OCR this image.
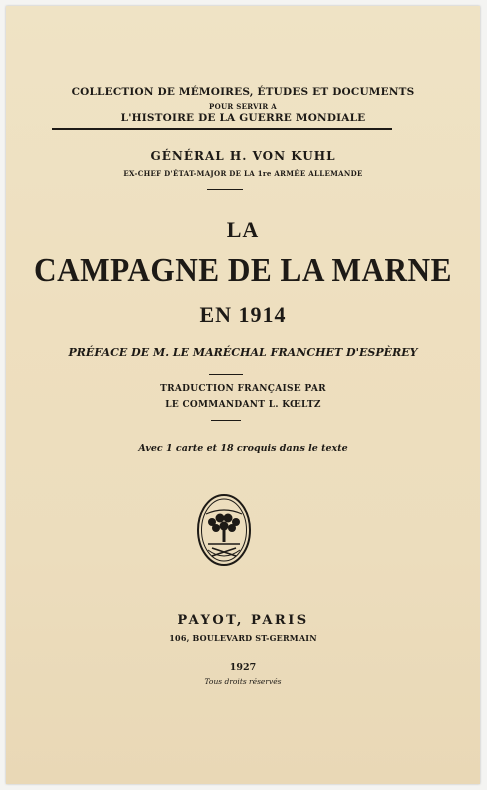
COLLECTION DE MÉMOIRES, ÉTUDES ET DOCUMENTS
POUR SERVIR A
L'HISTOIRE DE LA GUERRE MONDIALE
GÉNÉRAL H. VON KUHL
EX-CHEF D'ÉTAT-MAJOR DE LA 1re ARMÉE ALLEMANDE
LA
CAMPAGNE DE LA MARNE
EN 1914
PRÉFACE DE M. LE MARÉCHAL FRANCHET D'ESPÈREY
TRADUCTION FRANÇAISE PAR
LE COMMANDANT L. KŒLTZ
Avec 1 carte et 18 croquis dans le texte
PAYOT, PARIS
106, BOULEVARD ST-GERMAIN
1927
Tous droits réservés
